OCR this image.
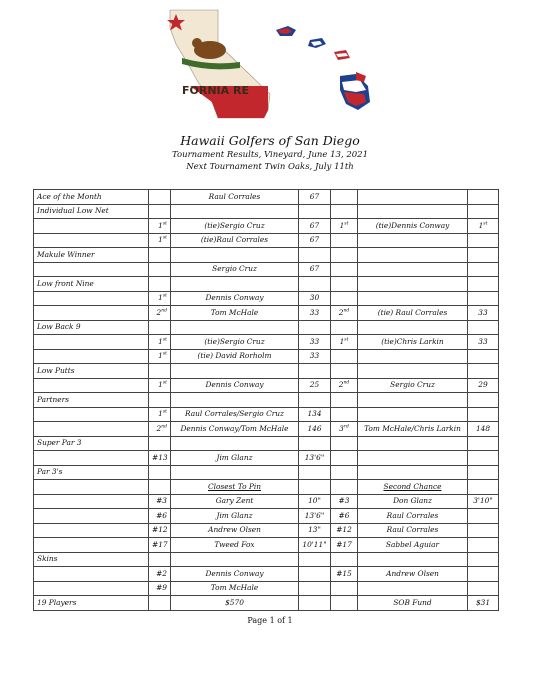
FORNIA RE
Hawaii Golfers of San Diego
Tournament Results, Vineyard, June 13, 2021
Next Tournament Twin Oaks, July 11th
Ace of the Month		Raul Corrales	67			
Individual Low Net						
	1st	(tie)Sergio Cruz	67	1st	(tie)Dennis Conway	1st
	1st	(tie)Raul Corrales	67			
Makule Winner						
		Sergio Cruz	67			
Low front Nine						
	1st	Dennis Conway	30			
	2nd	Tom McHale	33	2nd	(tie) Raul Corrales	33
Low Back 9						
	1st	(tie)Sergio Cruz	33	1st	(tie)Chris Larkin	33
	1st	(tie) David Rorholm	33			
Low Putts						
	1st	Dennis Conway	25	2nd	Sergio Cruz	29
Partners						
	1st	Raul Corrales/Sergio Cruz	134			
	2nd	Dennis Conway/Tom McHale	146	3rd	Tom McHale/Chris Larkin	148
Super Par 3						
	#13	Jim Glanz	13'6"			
Par 3's						
		Closest To Pin			Second Chance	
	#3	Gary Zent	10"	#3	Don Glanz	3'10"
	#6	Jim Glanz	13'6"	#6	Raul Corrales	
	#12	Andrew Olsen	13"	#12	Raul Corrales	
	#17	Tweed Fox	10'11"	#17	Sabbel Aguiar	
Skins						
	#2	Dennis Conway		#15	Andrew Olsen	
	#9	Tom McHale				
19 Players		$570			SOB Fund	$31
Page 1 of 1
